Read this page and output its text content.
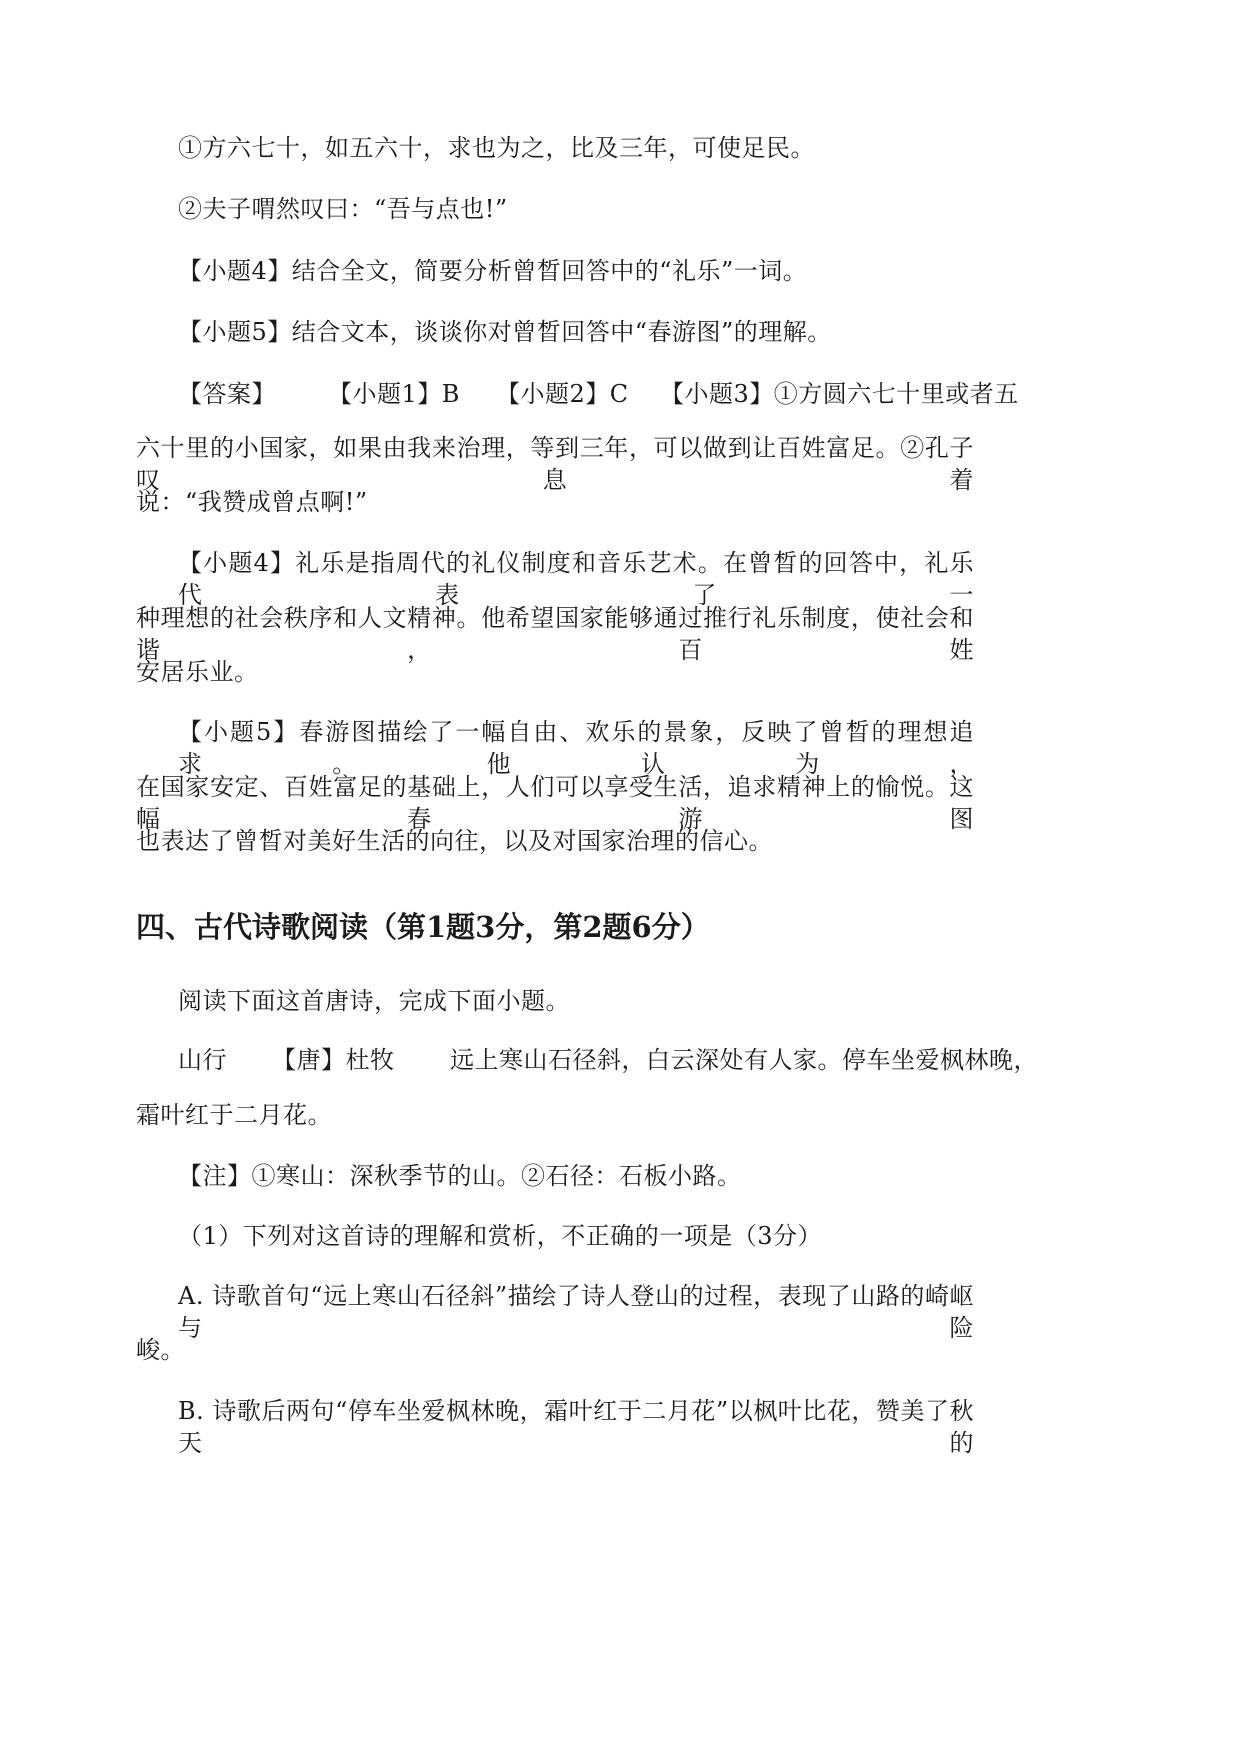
①方六七十，如五六十，求也为之，比及三年，可使足民。
②夫子喟然叹曰：“吾与点也!”
【小题4】结合全文，简要分析曾晳回答中的“礼乐”一词。
【小题5】结合文本，谈谈你对曾晳回答中“春游图”的理解。
【答案】 【小题1】B 【小题2】C 【小题3】①方圆六七十里或者五
六十里的小国家，如果由我来治理，等到三年，可以做到让百姓富足。②孔子叹息着
说：“我赞成曾点啊!”
【小题4】礼乐是指周代的礼仪制度和音乐艺术。在曾晳的回答中，礼乐代表了一
种理想的社会秩序和人文精神。他希望国家能够通过推行礼乐制度，使社会和谐，百姓
安居乐业。
【小题5】春游图描绘了一幅自由、欢乐的景象，反映了曾晳的理想追求。他认为，
在国家安定、百姓富足的基础上，人们可以享受生活，追求精神上的愉悦。这幅春游图
也表达了曾晳对美好生活的向往，以及对国家治理的信心。
四、古代诗歌阅读（第1题3分，第2题6分）
阅读下面这首唐诗，完成下面小题。
山行 【唐】杜牧 远上寒山石径斜，白云深处有人家。停车坐爱枫林晚，
霜叶红于二月花。
【注】①寒山：深秋季节的山。②石径：石板小路。
（1）下列对这首诗的理解和赏析，不正确的一项是（3分）
A. 诗歌首句“远上寒山石径斜”描绘了诗人登山的过程，表现了山路的崎岖与险
峻。
B. 诗歌后两句“停车坐爱枫林晚，霜叶红于二月花”以枫叶比花，赞美了秋天的
